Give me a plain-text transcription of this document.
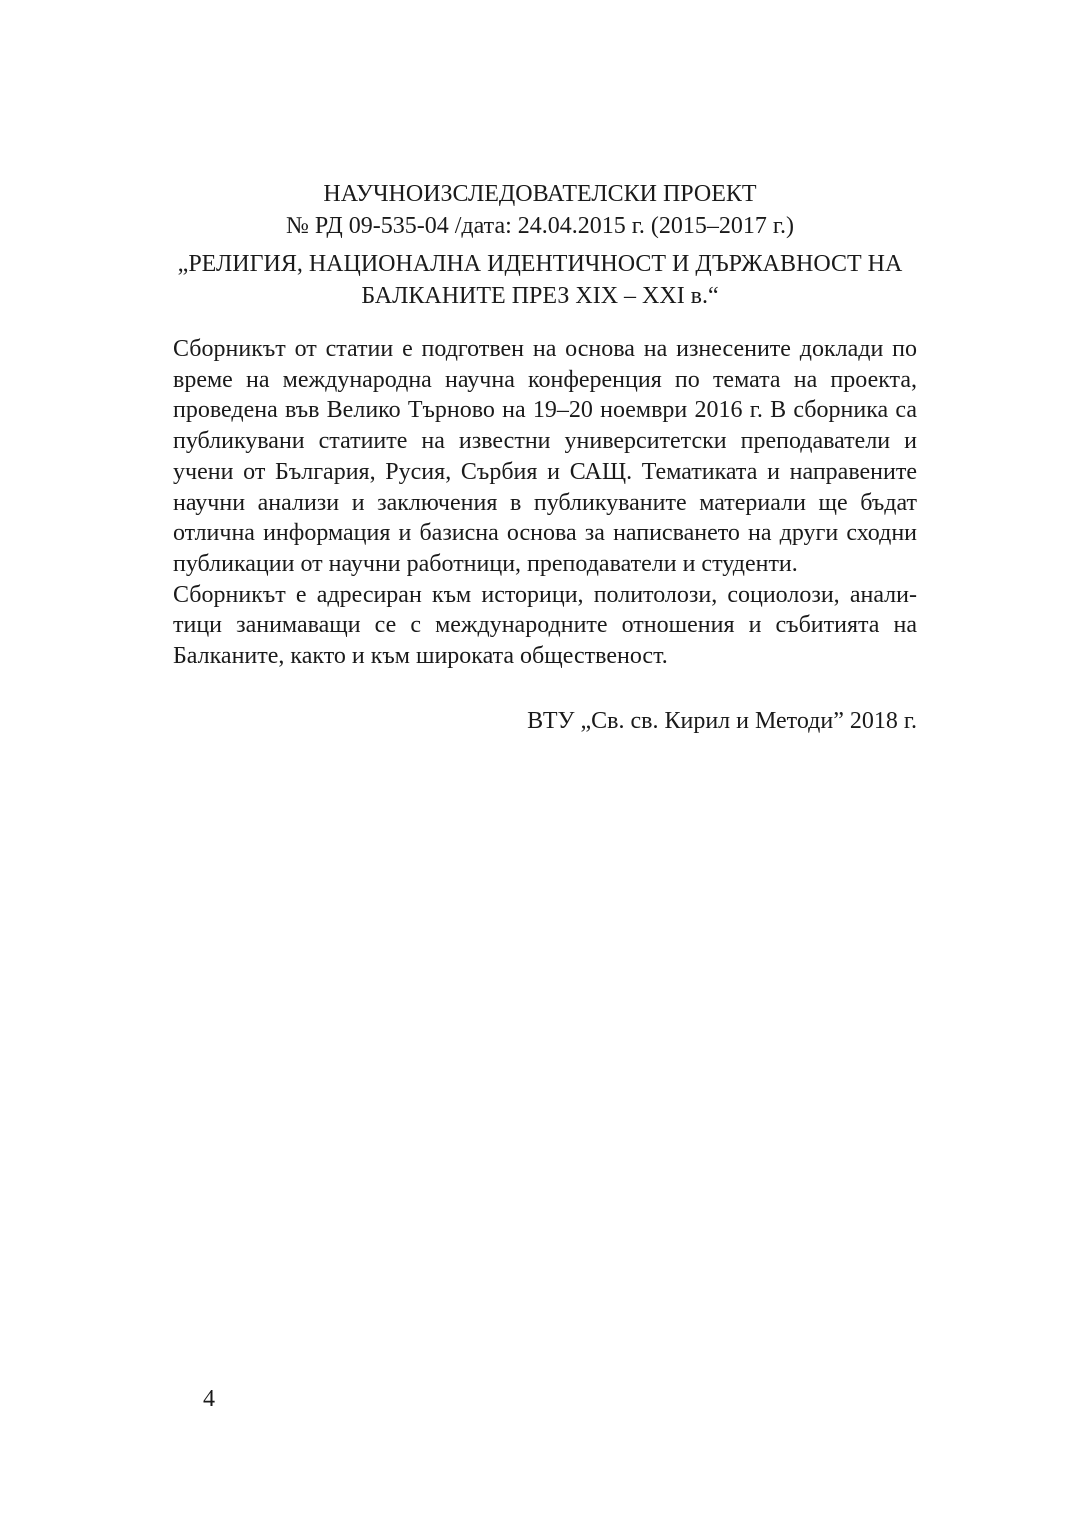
НАУЧНОИЗСЛЕДОВАТЕЛСКИ ПРОЕКТ
№ РД 09-535-04 /дата: 24.04.2015 г. (2015–2017 г.)
„РЕЛИГИЯ, НАЦИОНАЛНА ИДЕНТИЧНОСТ И ДЪРЖАВНОСТ НА
БАЛКАНИТЕ ПРЕЗ XIX – XXI в.“

Сборникът от статии е подготвен на основа на изнесените доклади по време на международна научна конференция по темата на проекта, проведена във Велико Търново на 19–20 ноември 2016 г. В сборника са публикувани статиите на известни университетски преподаватели и учени от България, Русия, Сърбия и САЩ. Тематиката и направените научни анализи и заключения в публикуваните материали ще бъдат отлична информация и базисна основа за написването на други сходни публикации от научни работници, преподаватели и студенти.

Сборникът е адресиран към историци, политолози, социолози, аналитици занимаващи се с международните отношения и събитията на Балканите, както и към широката общественост.

ВТУ „Св. св. Кирил и Методи” 2018 г.
4
